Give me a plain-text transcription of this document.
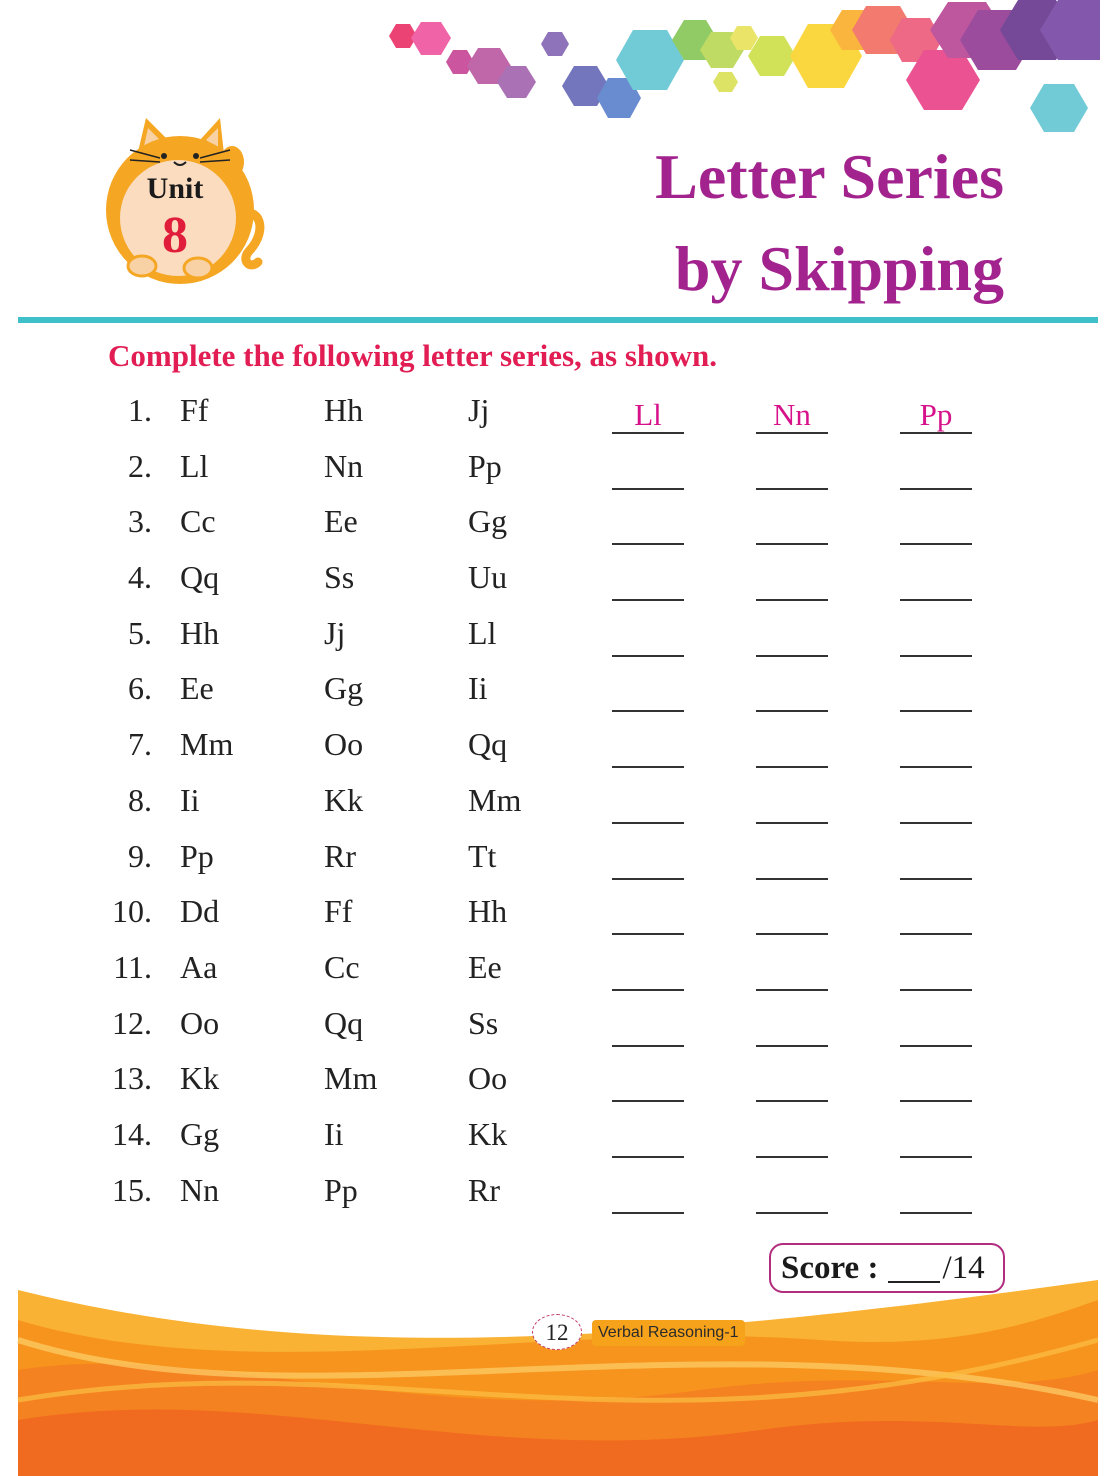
Unit
8
Letter Series
by Skipping
Complete the following letter series, as shown.
1. Ff	Hh	Jj	Ll	Nn	Pp
2. Ll	Nn	Pp
3. Cc	Ee	Gg
4. Qq	Ss	Uu
5. Hh	Jj	Ll
6. Ee	Gg	Ii
7. Mm	Oo	Qq
8. Ii	Kk	Mm
9. Pp	Rr	Tt
10. Dd	Ff	Hh
11. Aa	Cc	Ee
12. Oo	Qq	Ss
13. Kk	Mm	Oo
14. Gg	Ii	Kk
15. Nn	Pp	Rr
Score : /14
12	Verbal Reasoning-1
